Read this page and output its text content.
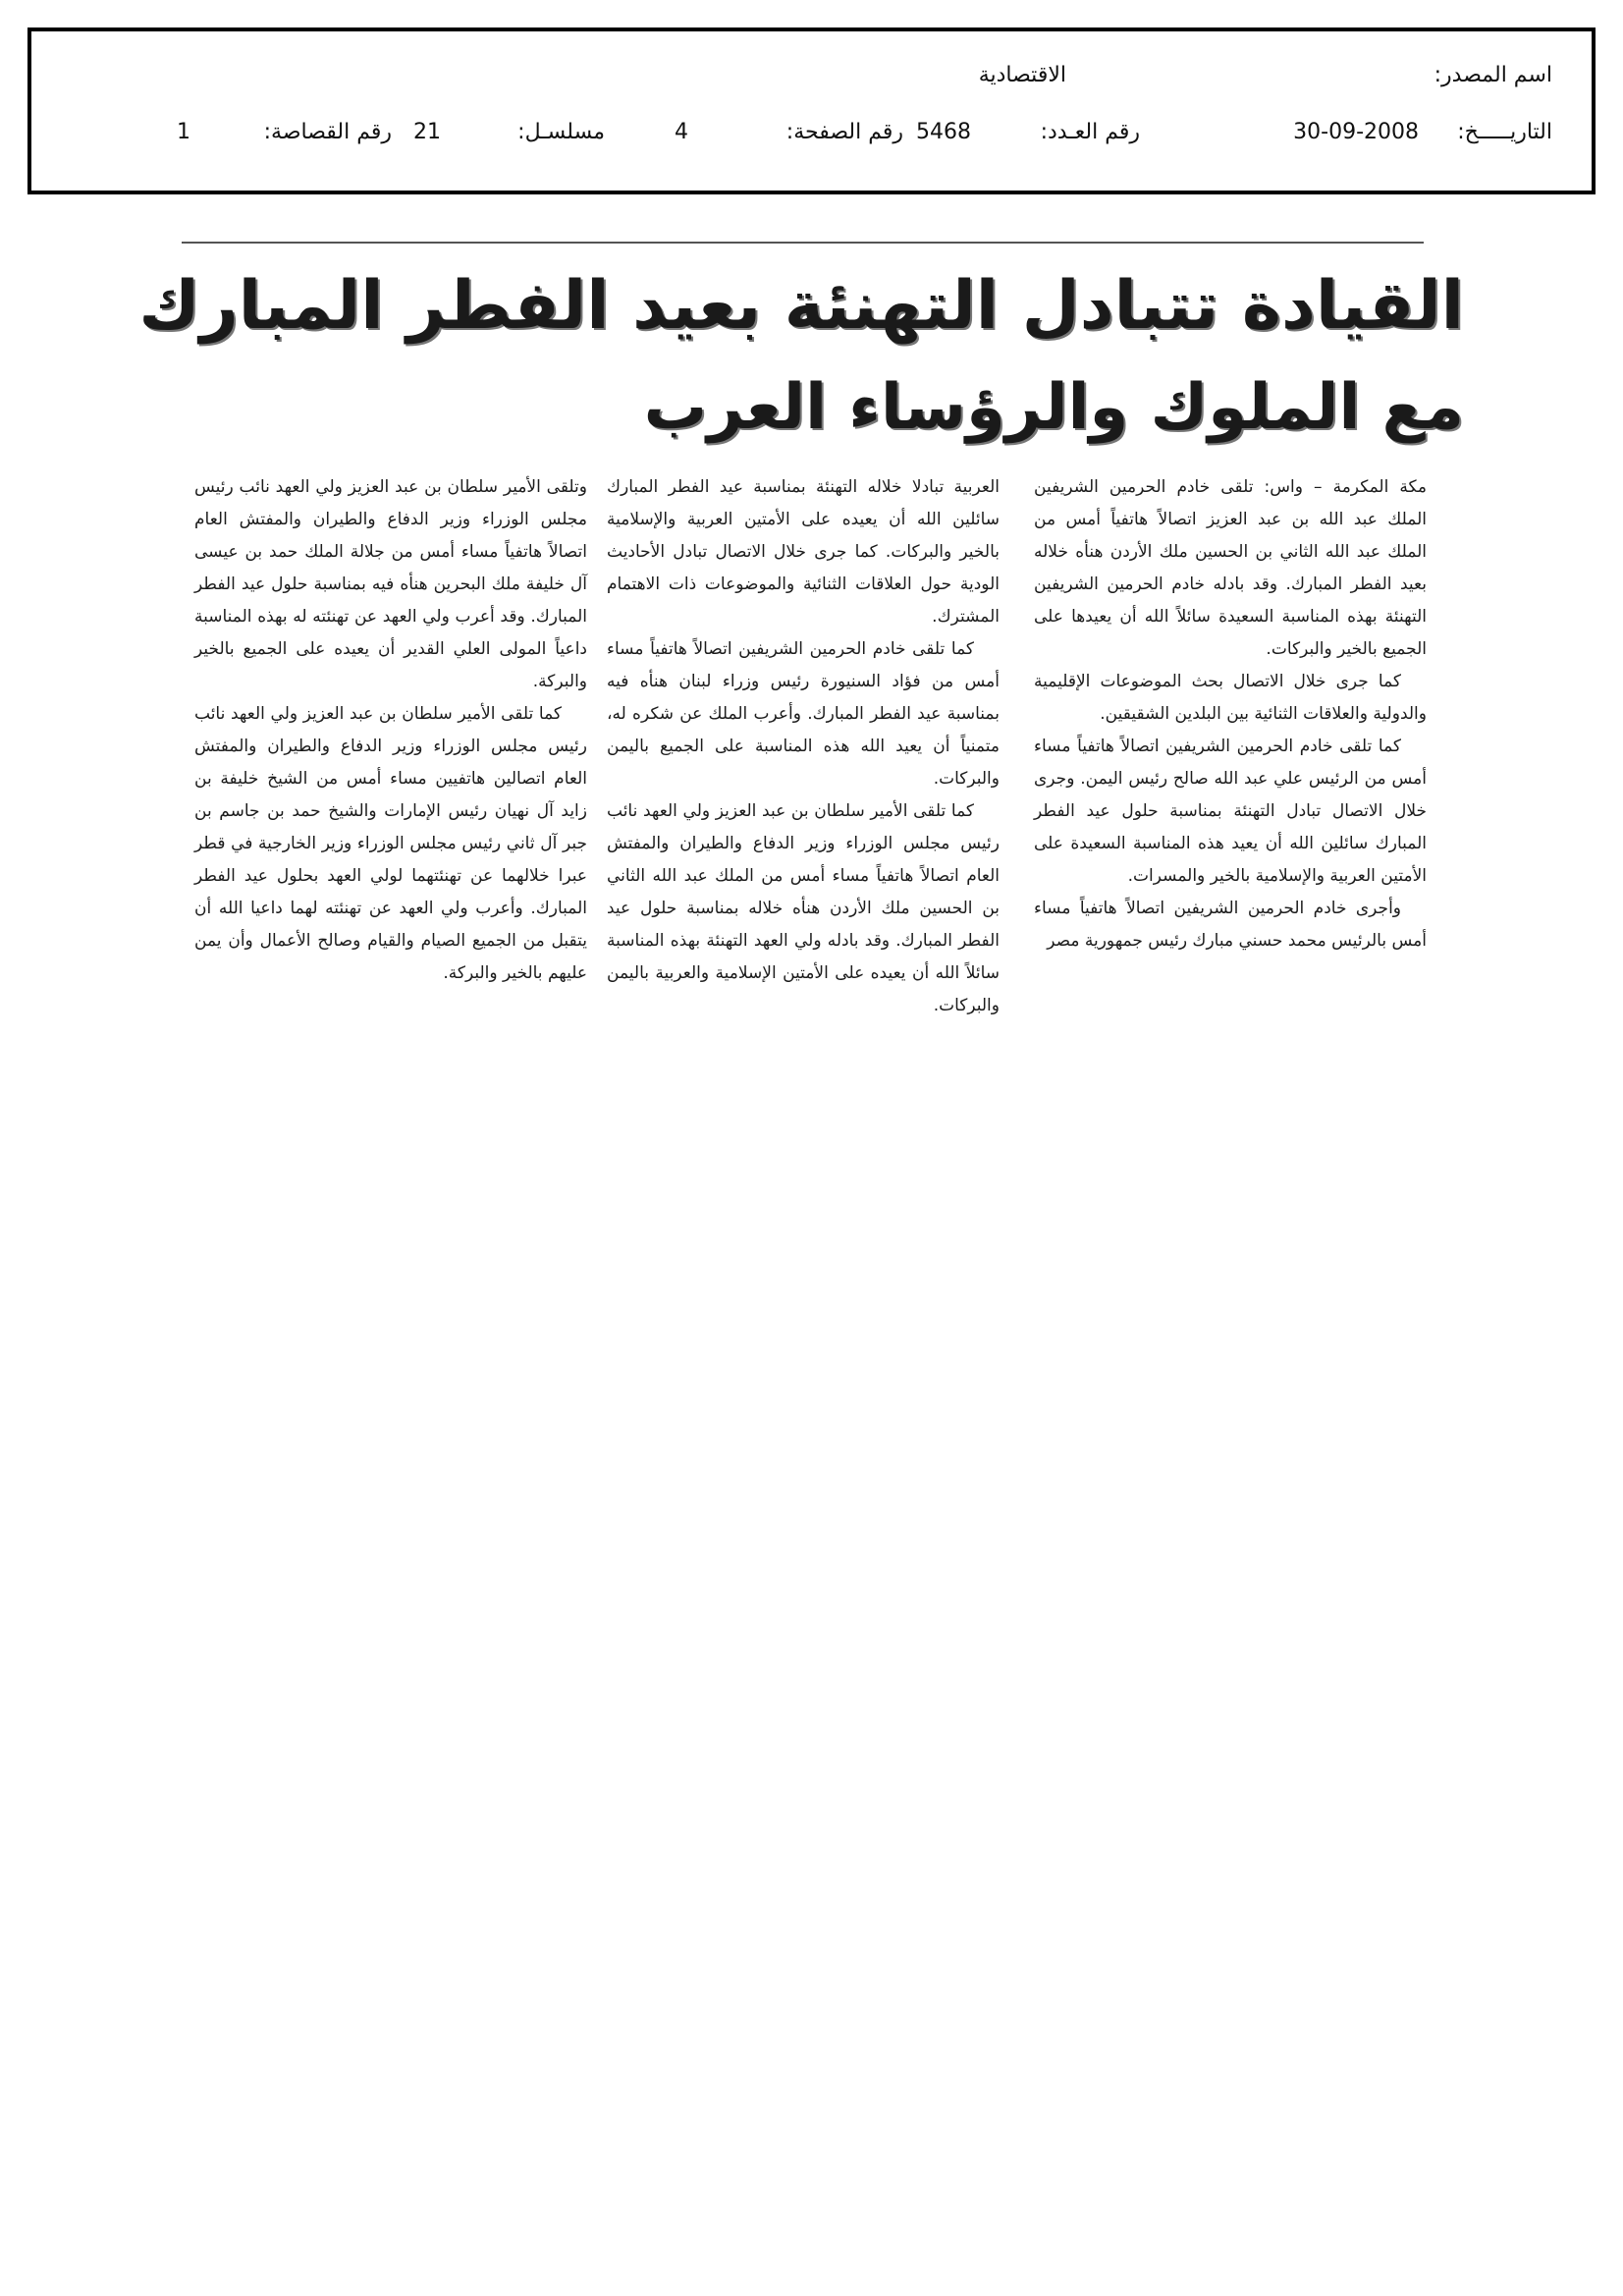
اسم المصدر:
الاقتصادية
التاريـــــخ:
30-09-2008
رقم العـدد:
5468
رقم الصفحة:
4
مسلسـل:
21
رقم القصاصة:
1
القيادة تتبادل التهنئة بعيد الفطر المبارك
مع الملوك والرؤساء العرب

مكة المكرمة – واس: تلقى خادم الحرمين الشريفين الملك عبد الله بن عبد العزيز اتصالاً هاتفياً أمس من الملك عبد الله الثاني بن الحسين ملك الأردن هنأه خلاله بعيد الفطر المبارك. وقد بادله خادم الحرمين الشريفين التهنئة بهذه المناسبة السعيدة سائلاً الله أن يعيدها على الجميع بالخير والبركات.

كما جرى خلال الاتصال بحث الموضوعات الإقليمية والدولية والعلاقات الثنائية بين البلدين الشقيقين.

كما تلقى خادم الحرمين الشريفين اتصالاً هاتفياً مساء أمس من الرئيس علي عبد الله صالح رئيس اليمن. وجرى خلال الاتصال تبادل التهنئة بمناسبة حلول عيد الفطر المبارك سائلين الله أن يعيد هذه المناسبة السعيدة على الأمتين العربية والإسلامية بالخير والمسرات.

وأجرى خادم الحرمين الشريفين اتصالاً هاتفياً مساء أمس بالرئيس محمد حسني مبارك رئيس جمهورية مصر

العربية تبادلا خلاله التهنئة بمناسبة عيد الفطر المبارك سائلين الله أن يعيده على الأمتين العربية والإسلامية بالخير والبركات. كما جرى خلال الاتصال تبادل الأحاديث الودية حول العلاقات الثنائية والموضوعات ذات الاهتمام المشترك.

كما تلقى خادم الحرمين الشريفين اتصالاً هاتفياً مساء أمس من فؤاد السنيورة رئيس وزراء لبنان هنأه فيه بمناسبة عيد الفطر المبارك. وأعرب الملك عن شكره له، متمنياً أن يعيد الله هذه المناسبة على الجميع باليمن والبركات.

كما تلقى الأمير سلطان بن عبد العزيز ولي العهد نائب رئيس مجلس الوزراء وزير الدفاع والطيران والمفتش العام اتصالاً هاتفياً مساء أمس من الملك عبد الله الثاني بن الحسين ملك الأردن هنأه خلاله بمناسبة حلول عيد الفطر المبارك. وقد بادله ولي العهد التهنئة بهذه المناسبة سائلاً الله أن يعيده على الأمتين الإسلامية والعربية باليمن والبركات.

وتلقى الأمير سلطان بن عبد العزيز ولي العهد نائب رئيس مجلس الوزراء وزير الدفاع والطيران والمفتش العام اتصالاً هاتفياً مساء أمس من جلالة الملك حمد بن عيسى آل خليفة ملك البحرين هنأه فيه بمناسبة حلول عيد الفطر المبارك. وقد أعرب ولي العهد عن تهنئته له بهذه المناسبة داعياً المولى العلي القدير أن يعيده على الجميع بالخير والبركة.

كما تلقى الأمير سلطان بن عبد العزيز ولي العهد نائب رئيس مجلس الوزراء وزير الدفاع والطيران والمفتش العام اتصالين هاتفيين مساء أمس من الشيخ خليفة بن زايد آل نهيان رئيس الإمارات والشيخ حمد بن جاسم بن جبر آل ثاني رئيس مجلس الوزراء وزير الخارجية في قطر عبرا خلالهما عن تهنئتهما لولي العهد بحلول عيد الفطر المبارك. وأعرب ولي العهد عن تهنئته لهما داعيا الله أن يتقبل من الجميع الصيام والقيام وصالح الأعمال وأن يمن عليهم بالخير والبركة.
